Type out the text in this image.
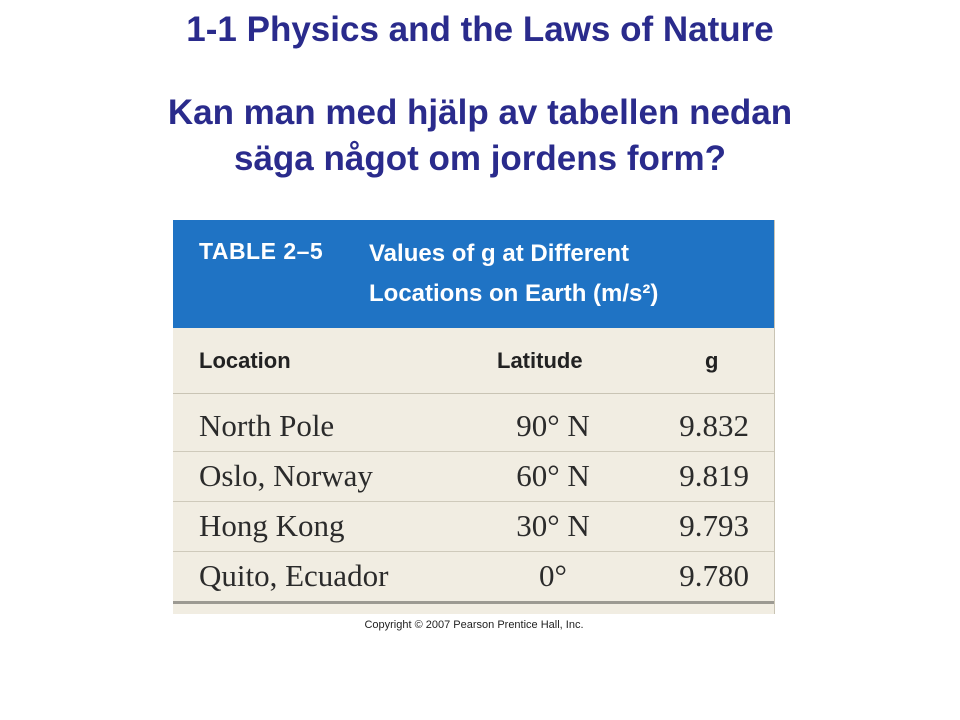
1-1 Physics and the Laws of Nature
Kan man med hjälp av tabellen nedan
säga något om jordens form?
TABLE 2–5 Values of g at Different
Locations on Earth (m/s²)
Location	Latitude	g
North Pole	90° N	9.832
Oslo, Norway	60° N	9.819
Hong Kong	30° N	9.793
Quito, Ecuador	0°	9.780
Copyright © 2007 Pearson Prentice Hall, Inc.
